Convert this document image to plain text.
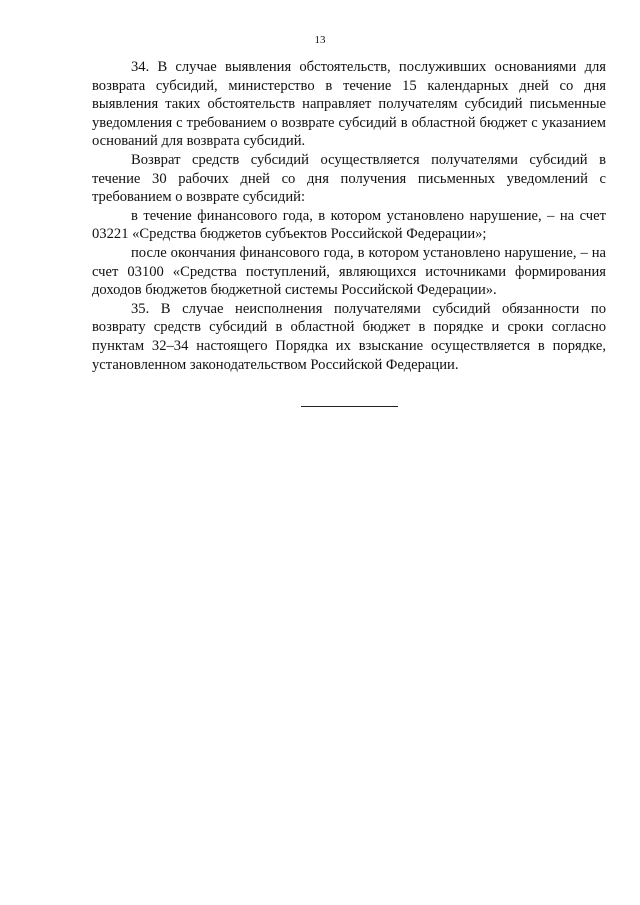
13

34. В случае выявления обстоятельств, послуживших основаниями для возврата субсидий, министерство в течение 15 календарных дней со дня выявления таких обстоятельств направляет получателям субсидий письменные уведомления с требованием о возврате субсидий в областной бюджет с указанием оснований для возврата субсидий.

Возврат средств субсидий осуществляется получателями субсидий в течение 30 рабочих дней со дня получения письменных уведомлений с требованием о возврате субсидий:

в течение финансового года, в котором установлено нарушение, – на счет 03221 «Средства бюджетов субъектов Российской Федерации»;

после окончания финансового года, в котором установлено нарушение, – на счет 03100 «Средства поступлений, являющихся источниками формирования доходов бюджетов бюджетной системы Российской Федерации».

35. В случае неисполнения получателями субсидий обязанности по возврату средств субсидий в областной бюджет в порядке и сроки согласно пунктам 32–34 настоящего Порядка их взыскание осуществляется в порядке, установленном законодательством Российской Федерации.
